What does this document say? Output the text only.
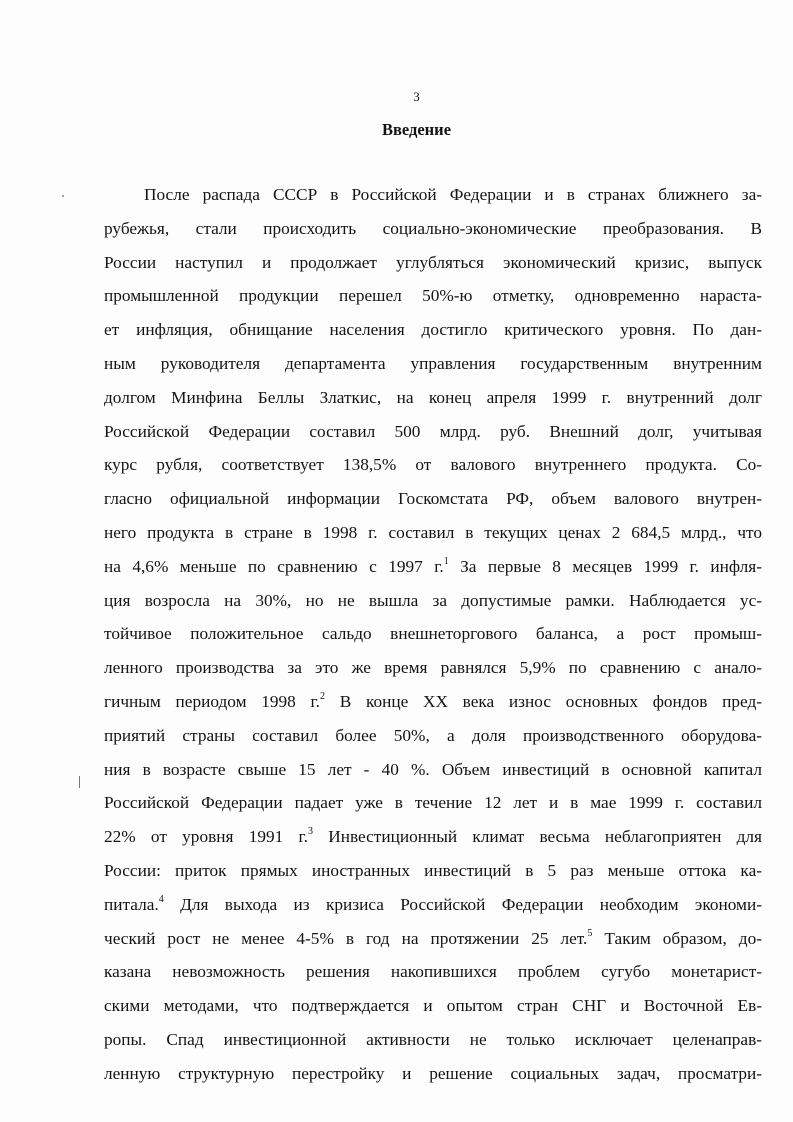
3
Введение
После распада СССР в Российской Федерации и в странах ближнего за-
рубежья, стали происходить социально-экономические преобразования. В
России наступил и продолжает углубляться экономический кризис, выпуск
промышленной продукции перешел 50%-ю отметку, одновременно нараста-
ет инфляция, обнищание населения достигло критического уровня. По дан-
ным руководителя департамента управления государственным внутренним
долгом Минфина Беллы Златкис, на конец апреля 1999 г. внутренний долг
Российской Федерации составил 500 млрд. руб. Внешний долг, учитывая
курс рубля, соответствует 138,5% от валового внутреннего продукта. Со-
гласно официальной информации Госкомстата РФ, объем валового внутрен-
него продукта в стране в 1998 г. составил в текущих ценах 2 684,5 млрд., что
на 4,6% меньше по сравнению с 1997 г.$^1$ За первые 8 месяцев 1999 г. инфля-
ция возросла на 30%, но не вышла за допустимые рамки. Наблюдается ус-
тойчивое положительное сальдо внешнеторгового баланса, а рост промыш-
ленного производства за это же время равнялся 5,9% по сравнению с анало-
гичным периодом 1998 г.$^2$ В конце XX века износ основных фондов пред-
приятий страны составил более 50%, а доля производственного оборудова-
ния в возрасте свыше 15 лет - 40 %. Объем инвестиций в основной капитал
Российской Федерации падает уже в течение 12 лет и в мае 1999 г. составил
22% от уровня 1991 г.$^3$ Инвестиционный климат весьма неблагоприятен для
России: приток прямых иностранных инвестиций в 5 раз меньше оттока ка-
питала.$^4$ Для выхода из кризиса Российской Федерации необходим экономи-
ческий рост не менее 4-5% в год на протяжении 25 лет.$^5$ Таким образом, до-
казана невозможность решения накопившихся проблем сугубо монетарист-
скими методами, что подтверждается и опытом стран СНГ и Восточной Ев-
ропы. Спад инвестиционной активности не только исключает целенаправ-
ленную структурную перестройку и решение социальных задач, просматри-
